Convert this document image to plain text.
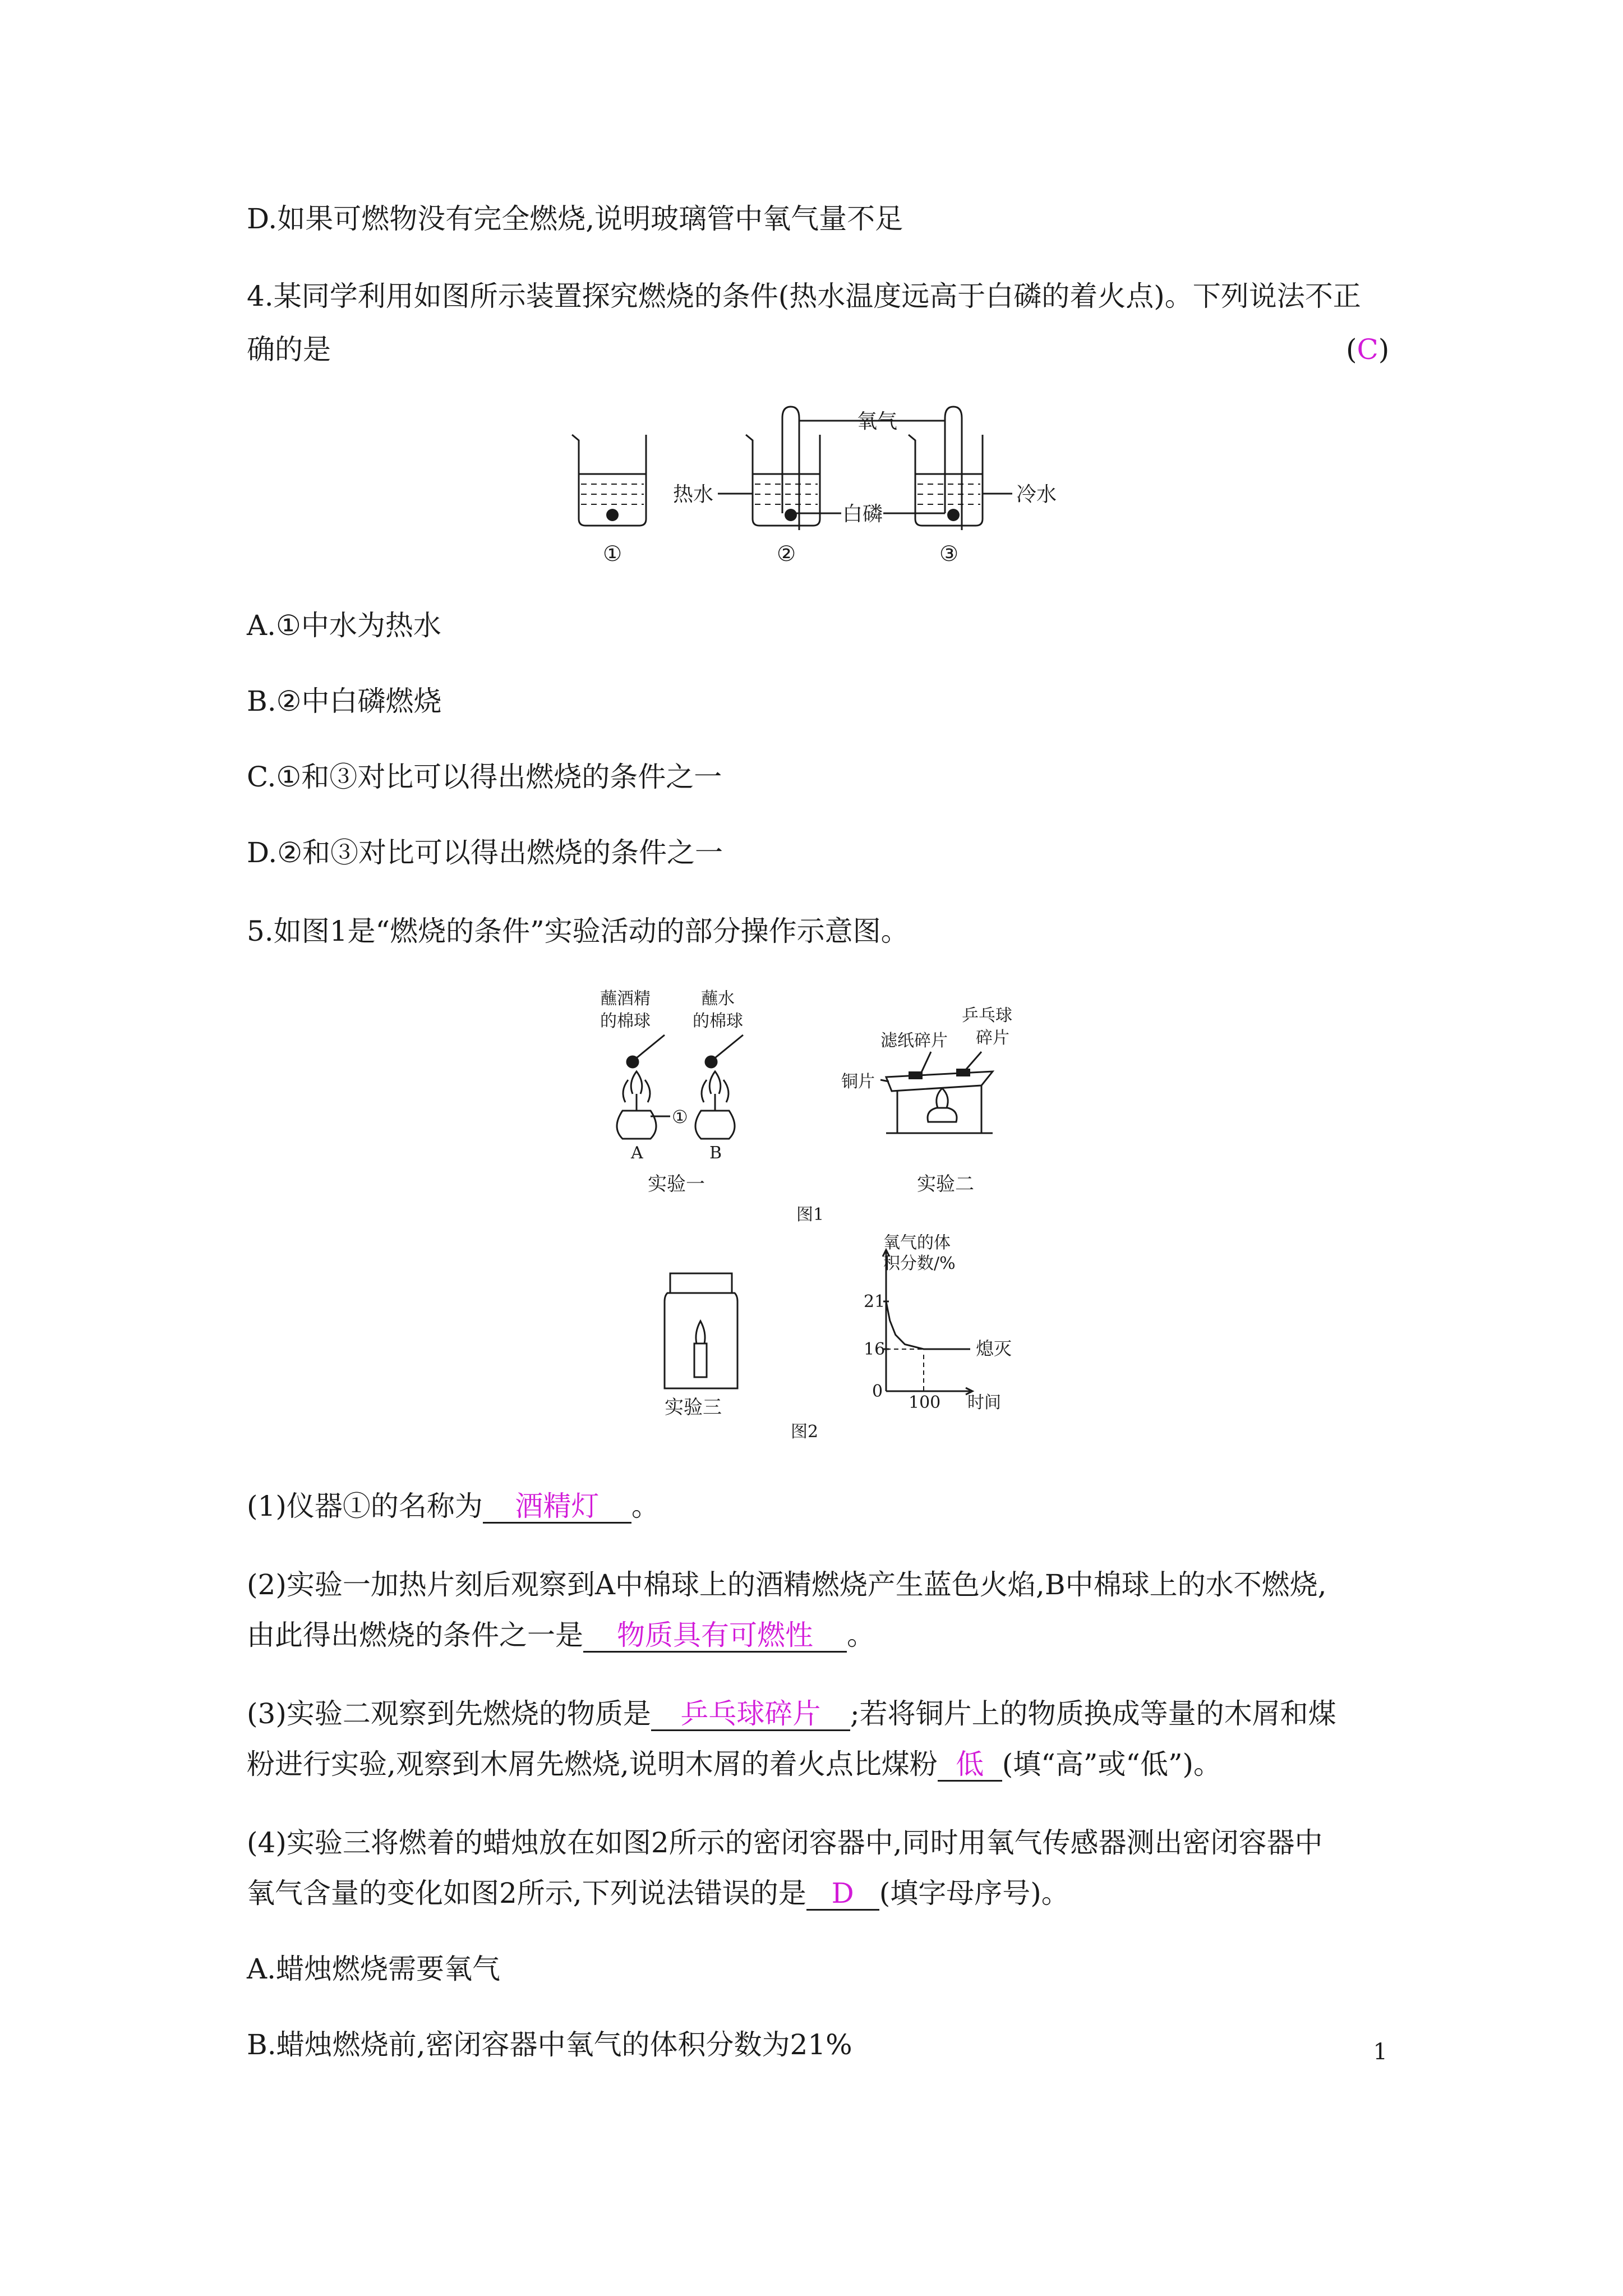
D.如果可燃物没有完全燃烧,说明玻璃管中氧气量不足
4.某同学利用如图所示装置探究燃烧的条件(热水温度远高于白磷的着火点)。下列说法不正
确的是	(C)
氧气
热水
白磷
冷水
①	②	③
A.①中水为热水
B.②中白磷燃烧
C.①和③对比可以得出燃烧的条件之一
D.②和③对比可以得出燃烧的条件之一
5.如图1是“燃烧的条件”实验活动的部分操作示意图。
蘸酒精
的棉球
蘸水
的棉球
①
A	B
实验一
滤纸碎片
乒乓球
碎片
铜片
实验二
图1
实验三
氧气的体
积分数/%
21
16
0
100 时间
熄灭
图2
(1)仪器①的名称为 酒精灯 。
(2)实验一加热片刻后观察到A中棉球上的酒精燃烧产生蓝色火焰,B中棉球上的水不燃烧,
由此得出燃烧的条件之一是 物质具有可燃性 。
(3)实验二观察到先燃烧的物质是 乒乓球碎片 ;若将铜片上的物质换成等量的木屑和煤
粉进行实验,观察到木屑先燃烧,说明木屑的着火点比煤粉 低 (填“高”或“低”)。
(4)实验三将燃着的蜡烛放在如图2所示的密闭容器中,同时用氧气传感器测出密闭容器中
氧气含量的变化如图2所示,下列说法错误的是 D (填字母序号)。
A.蜡烛燃烧需要氧气
B.蜡烛燃烧前,密闭容器中氧气的体积分数为21%	1
